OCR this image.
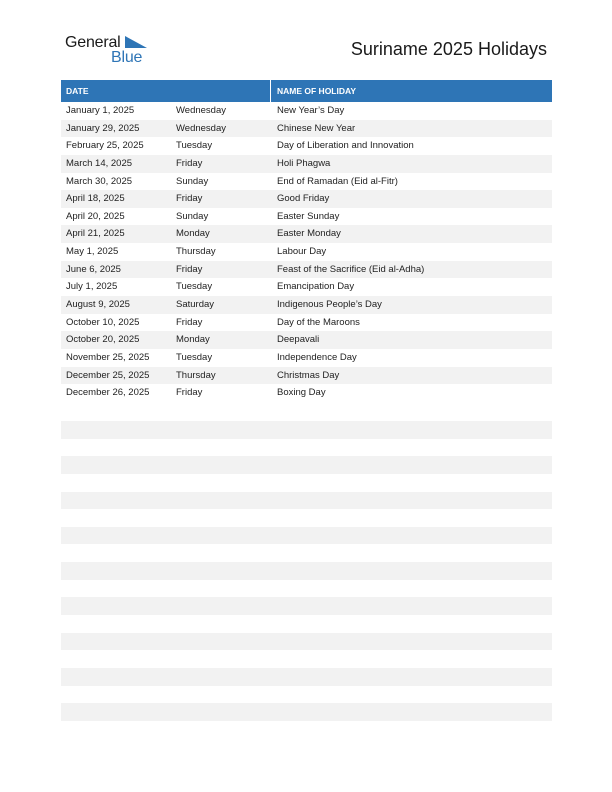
General
Blue	Suriname 2025 Holidays
DATE	NAME OF HOLIDAY
January 1, 2025	Wednesday	New Year’s Day
January 29, 2025	Wednesday	Chinese New Year
February 25, 2025	Tuesday	Day of Liberation and Innovation
March 14, 2025	Friday	Holi Phagwa
March 30, 2025	Sunday	End of Ramadan (Eid al-Fitr)
April 18, 2025	Friday	Good Friday
April 20, 2025	Sunday	Easter Sunday
April 21, 2025	Monday	Easter Monday
May 1, 2025	Thursday	Labour Day
June 6, 2025	Friday	Feast of the Sacrifice (Eid al-Adha)
July 1, 2025	Tuesday	Emancipation Day
August 9, 2025	Saturday	Indigenous People’s Day
October 10, 2025	Friday	Day of the Maroons
October 20, 2025	Monday	Deepavali
November 25, 2025	Tuesday	Independence Day
December 25, 2025	Thursday	Christmas Day
December 26, 2025	Friday	Boxing Day
